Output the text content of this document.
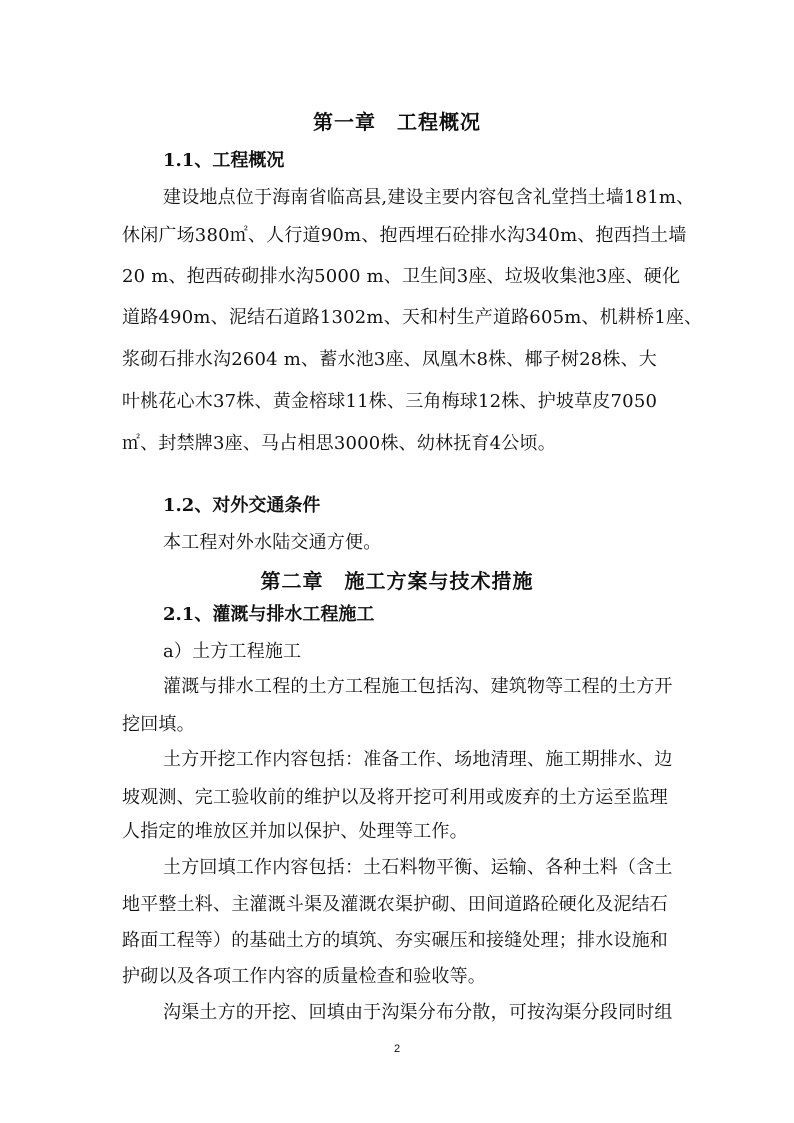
第一章　工程概况
1.1、工程概况
建设地点位于海南省临高县,建设主要内容包含礼堂挡土墙181m、
休闲广场380㎡、人行道90m、抱西埋石砼排水沟340m、抱西挡土墙
20 m、抱西砖砌排水沟5000 m、卫生间3座、垃圾收集池3座、硬化
道路490m、泥结石道路1302m、天和村生产道路605m、机耕桥1座、
浆砌石排水沟2604 m、蓄水池3座、凤凰木8株、椰子树28株、大
叶桃花心木37株、黄金榕球11株、三角梅球12株、护坡草皮7050
㎡、封禁牌3座、马占相思3000株、幼林抚育4公顷。
1.2、对外交通条件
本工程对外水陆交通方便。
第二章　施工方案与技术措施
2.1、灌溉与排水工程施工
a）土方工程施工
灌溉与排水工程的土方工程施工包括沟、建筑物等工程的土方开
挖回填。
土方开挖工作内容包括：准备工作、场地清理、施工期排水、边
坡观测、完工验收前的维护以及将开挖可利用或废弃的土方运至监理
人指定的堆放区并加以保护、处理等工作。
土方回填工作内容包括：土石料物平衡、运输、各种土料（含土
地平整土料、主灌溉斗渠及灌溉农渠护砌、田间道路砼硬化及泥结石
路面工程等）的基础土方的填筑、夯实碾压和接缝处理；排水设施和
护砌以及各项工作内容的质量检查和验收等。
沟渠土方的开挖、回填由于沟渠分布分散，可按沟渠分段同时组
2
